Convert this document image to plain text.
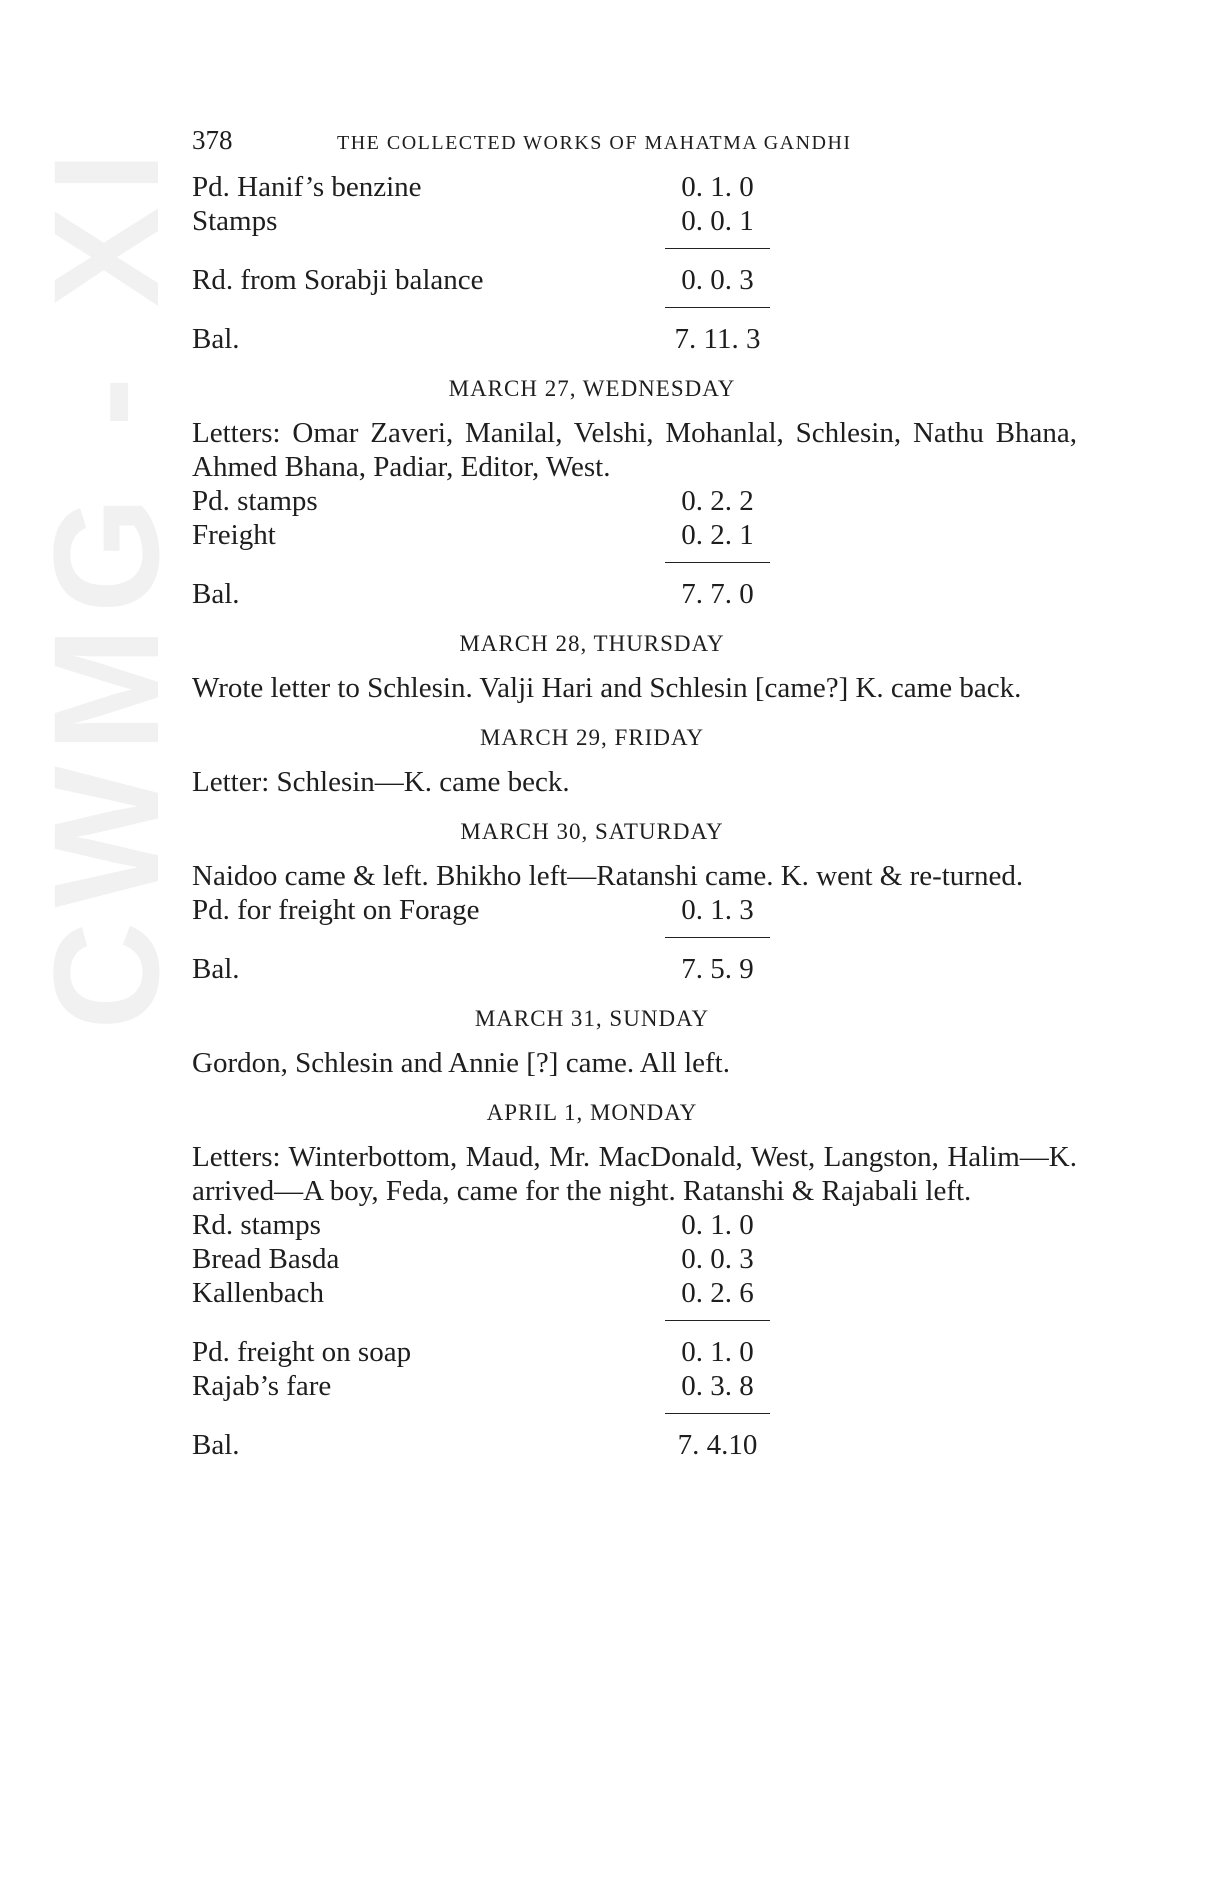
CWMG - XI 378	THE COLLECTED WORKS OF MAHATMA GANDHI
Pd. Hanif’s benzine	0. 1. 0
Stamps	0. 0. 1
Rd. from Sorabji balance	0. 0. 3
Bal.	7. 11. 3
MARCH 27, WEDNESDAY
Letters: Omar Zaveri, Manilal, Velshi, Mohanlal, Schlesin, Nathu Bhana, Ahmed Bhana, Padiar, Editor, West.
Pd. stamps	0. 2. 2
Freight	0. 2. 1
Bal.	7. 7. 0
MARCH 28, THURSDAY
Wrote letter to Schlesin. Valji Hari and Schlesin [came?] K. came back.
MARCH 29, FRIDAY
Letter: Schlesin—K. came beck.
MARCH 30, SATURDAY
Naidoo came & left. Bhikho left—Ratanshi came. K. went & re-turned.
Pd. for freight on Forage	0. 1. 3
Bal.	7. 5. 9
MARCH 31, SUNDAY
Gordon, Schlesin and Annie [?] came. All left.
APRIL 1, MONDAY
Letters: Winterbottom, Maud, Mr. MacDonald, West, Langston, Halim—K. arrived—A boy, Feda, came for the night. Ratanshi & Rajabali left.
Rd. stamps	0. 1. 0
Bread Basda	0. 0. 3
Kallenbach	0. 2. 6
Pd. freight on soap	0. 1. 0
Rajab’s fare	0. 3. 8
Bal.	7. 4.10
